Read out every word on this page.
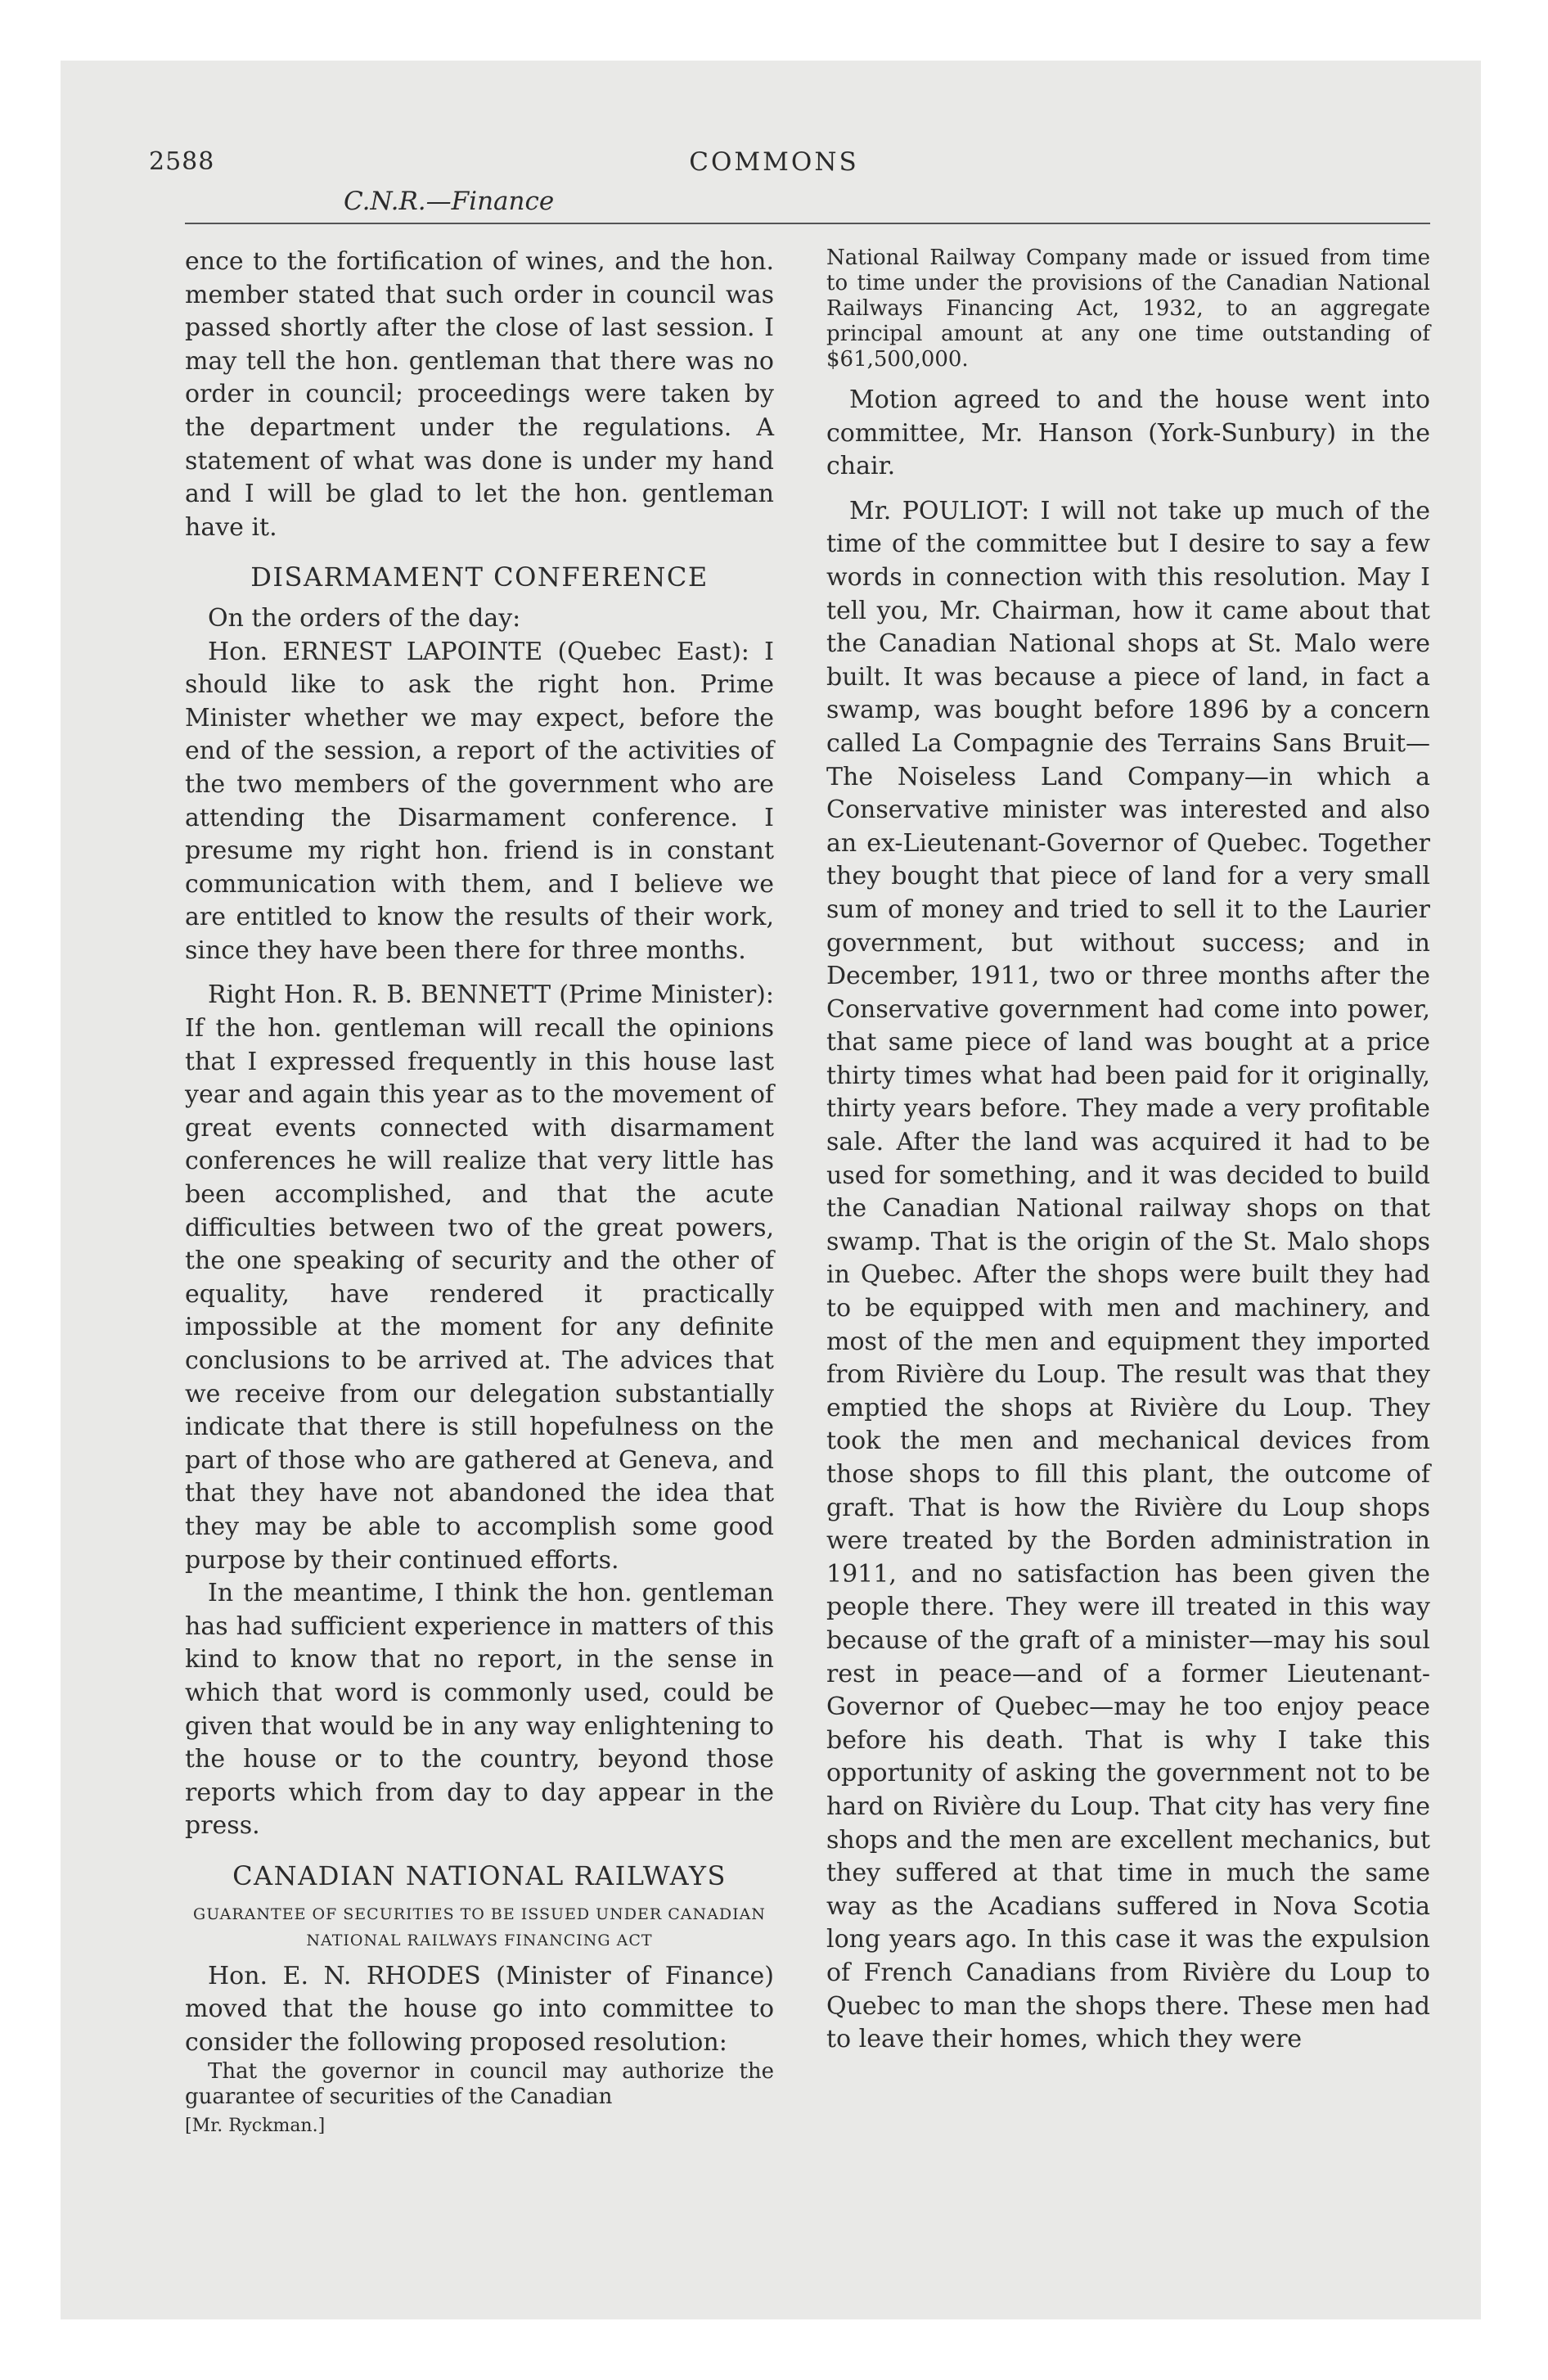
2588	COMMONS
C.N.R.—Finance

ence to the fortification of wines, and the hon. member stated that such order in council was passed shortly after the close of last session. I may tell the hon. gentleman that there was no order in council; proceedings were taken by the department under the regulations. A statement of what was done is under my hand and I will be glad to let the hon. gentleman have it.

DISARMAMENT CONFERENCE

On the orders of the day:

Hon. ERNEST LAPOINTE (Quebec East): I should like to ask the right hon. Prime Minister whether we may expect, before the end of the session, a report of the activities of the two members of the government who are attending the Disarmament conference. I presume my right hon. friend is in constant communication with them, and I believe we are entitled to know the results of their work, since they have been there for three months.

Right Hon. R. B. BENNETT (Prime Minister): If the hon. gentleman will recall the opinions that I expressed frequently in this house last year and again this year as to the movement of great events connected with disarmament conferences he will realize that very little has been accomplished, and that the acute difficulties between two of the great powers, the one speaking of security and the other of equality, have rendered it practically impossible at the moment for any definite conclusions to be arrived at. The advices that we receive from our delegation substantially indicate that there is still hopefulness on the part of those who are gathered at Geneva, and that they have not abandoned the idea that they may be able to accomplish some good purpose by their continued efforts.

In the meantime, I think the hon. gentleman has had sufficient experience in matters of this kind to know that no report, in the sense in which that word is commonly used, could be given that would be in any way enlightening to the house or to the country, beyond those reports which from day to day appear in the press.

CANADIAN NATIONAL RAILWAYS
GUARANTEE OF SECURITIES TO BE ISSUED UNDER CANADIAN NATIONAL RAILWAYS FINANCING ACT

Hon. E. N. RHODES (Minister of Finance) moved that the house go into committee to consider the following proposed resolution:

That the governor in council may authorize the guarantee of securities of the Canadian

[Mr. Ryckman.]

National Railway Company made or issued from time to time under the provisions of the Canadian National Railways Financing Act, 1932, to an aggregate principal amount at any one time outstanding of $61,500,000.

Motion agreed to and the house went into committee, Mr. Hanson (York-Sunbury) in the chair.

Mr. POULIOT: I will not take up much of the time of the committee but I desire to say a few words in connection with this resolution. May I tell you, Mr. Chairman, how it came about that the Canadian National shops at St. Malo were built. It was because a piece of land, in fact a swamp, was bought before 1896 by a concern called La Compagnie des Terrains Sans Bruit—The Noiseless Land Company—in which a Conservative minister was interested and also an ex-Lieutenant-Governor of Quebec. Together they bought that piece of land for a very small sum of money and tried to sell it to the Laurier government, but without success; and in December, 1911, two or three months after the Conservative government had come into power, that same piece of land was bought at a price thirty times what had been paid for it originally, thirty years before. They made a very profitable sale. After the land was acquired it had to be used for something, and it was decided to build the Canadian National railway shops on that swamp. That is the origin of the St. Malo shops in Quebec. After the shops were built they had to be equipped with men and machinery, and most of the men and equipment they imported from Rivière du Loup. The result was that they emptied the shops at Rivière du Loup. They took the men and mechanical devices from those shops to fill this plant, the outcome of graft. That is how the Rivière du Loup shops were treated by the Borden administration in 1911, and no satisfaction has been given the people there. They were ill treated in this way because of the graft of a minister—may his soul rest in peace—and of a former Lieutenant-Governor of Quebec—may he too enjoy peace before his death. That is why I take this opportunity of asking the government not to be hard on Rivière du Loup. That city has very fine shops and the men are excellent mechanics, but they suffered at that time in much the same way as the Acadians suffered in Nova Scotia long years ago. In this case it was the expulsion of French Canadians from Rivière du Loup to Quebec to man the shops there. These men had to leave their homes, which they were
